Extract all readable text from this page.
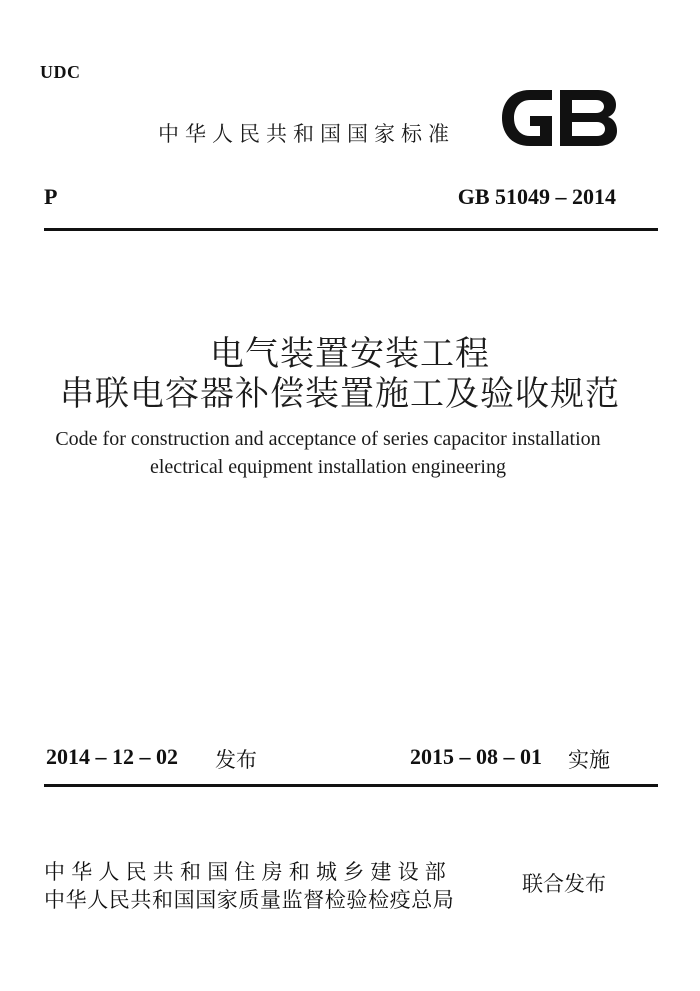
UDC
中华人民共和国国家标准
P	GB 51049 – 2014
电气装置安装工程
串联电容器补偿装置施工及验收规范
Code for construction and acceptance of series capacitor installation
electrical equipment installation engineering
2014 – 12 – 02 发布	2015 – 08 – 01 实施
中华人民共和国住房和城乡建设部
中华人民共和国国家质量监督检验检疫总局
联合发布
